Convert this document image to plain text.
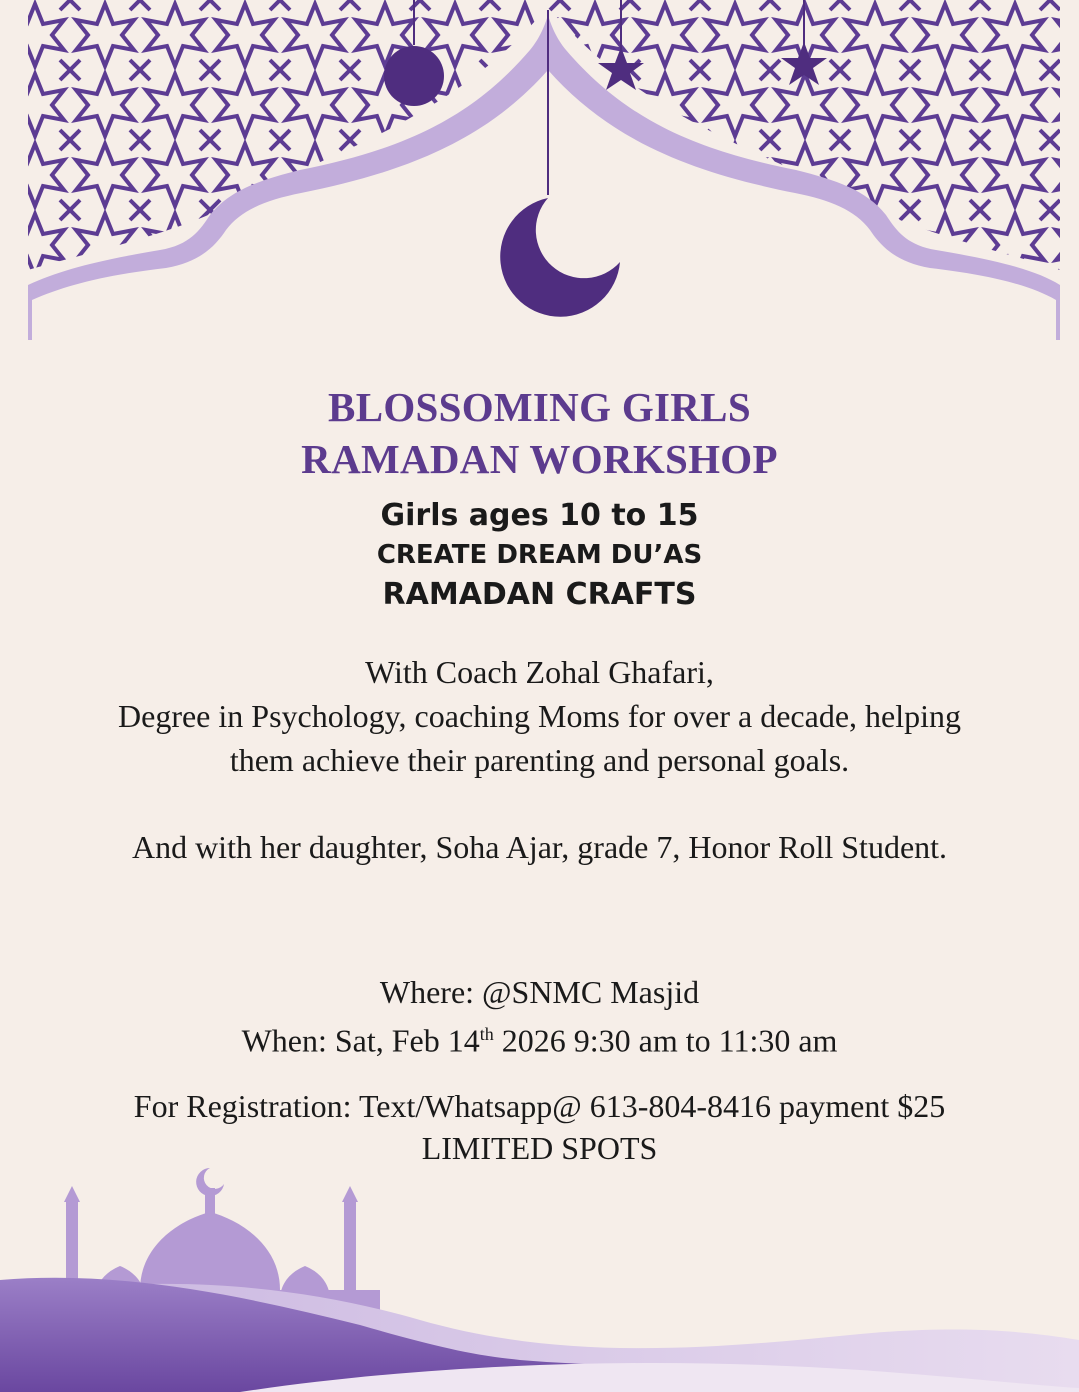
BLOSSOMING GIRLS

RAMADAN WORKSHOP

Girls ages 10 to 15

CREATE DREAM DU’AS

RAMADAN CRAFTS

With Coach Zohal Ghafari,

Degree in Psychology, coaching Moms for over a decade, helping

them achieve their parenting and personal goals.

And with her daughter, Soha Ajar, grade 7, Honor Roll Student.

Where: @SNMC Masjid

When: Sat, Feb 14th 2026 9:30 am to 11:30 am

For Registration: Text/Whatsapp@ 613-804-8416 payment $25

LIMITED SPOTS
